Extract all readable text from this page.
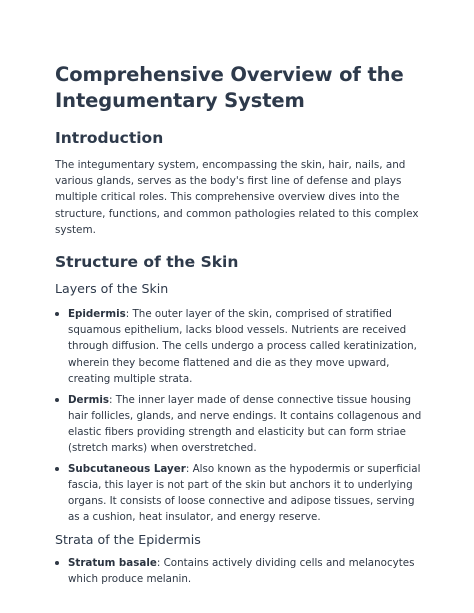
Comprehensive Overview of the Integumentary System
Introduction

The integumentary system, encompassing the skin, hair, nails, and various glands, serves as the body's first line of defense and plays multiple critical roles. This comprehensive overview dives into the structure, functions, and common pathologies related to this complex system.

Structure of the Skin
Layers of the Skin
Epidermis: The outer layer of the skin, comprised of stratified squamous epithelium, lacks blood vessels. Nutrients are received through diffusion. The cells undergo a process called keratinization, wherein they become flattened and die as they move upward, creating multiple strata.
Dermis: The inner layer made of dense connective tissue housing hair follicles, glands, and nerve endings. It contains collagenous and elastic fibers providing strength and elasticity but can form striae (stretch marks) when overstretched.
Subcutaneous Layer: Also known as the hypodermis or superficial fascia, this layer is not part of the skin but anchors it to underlying organs. It consists of loose connective and adipose tissues, serving as a cushion, heat insulator, and energy reserve.
Strata of the Epidermis
Stratum basale: Contains actively dividing cells and melanocytes which produce melanin.
